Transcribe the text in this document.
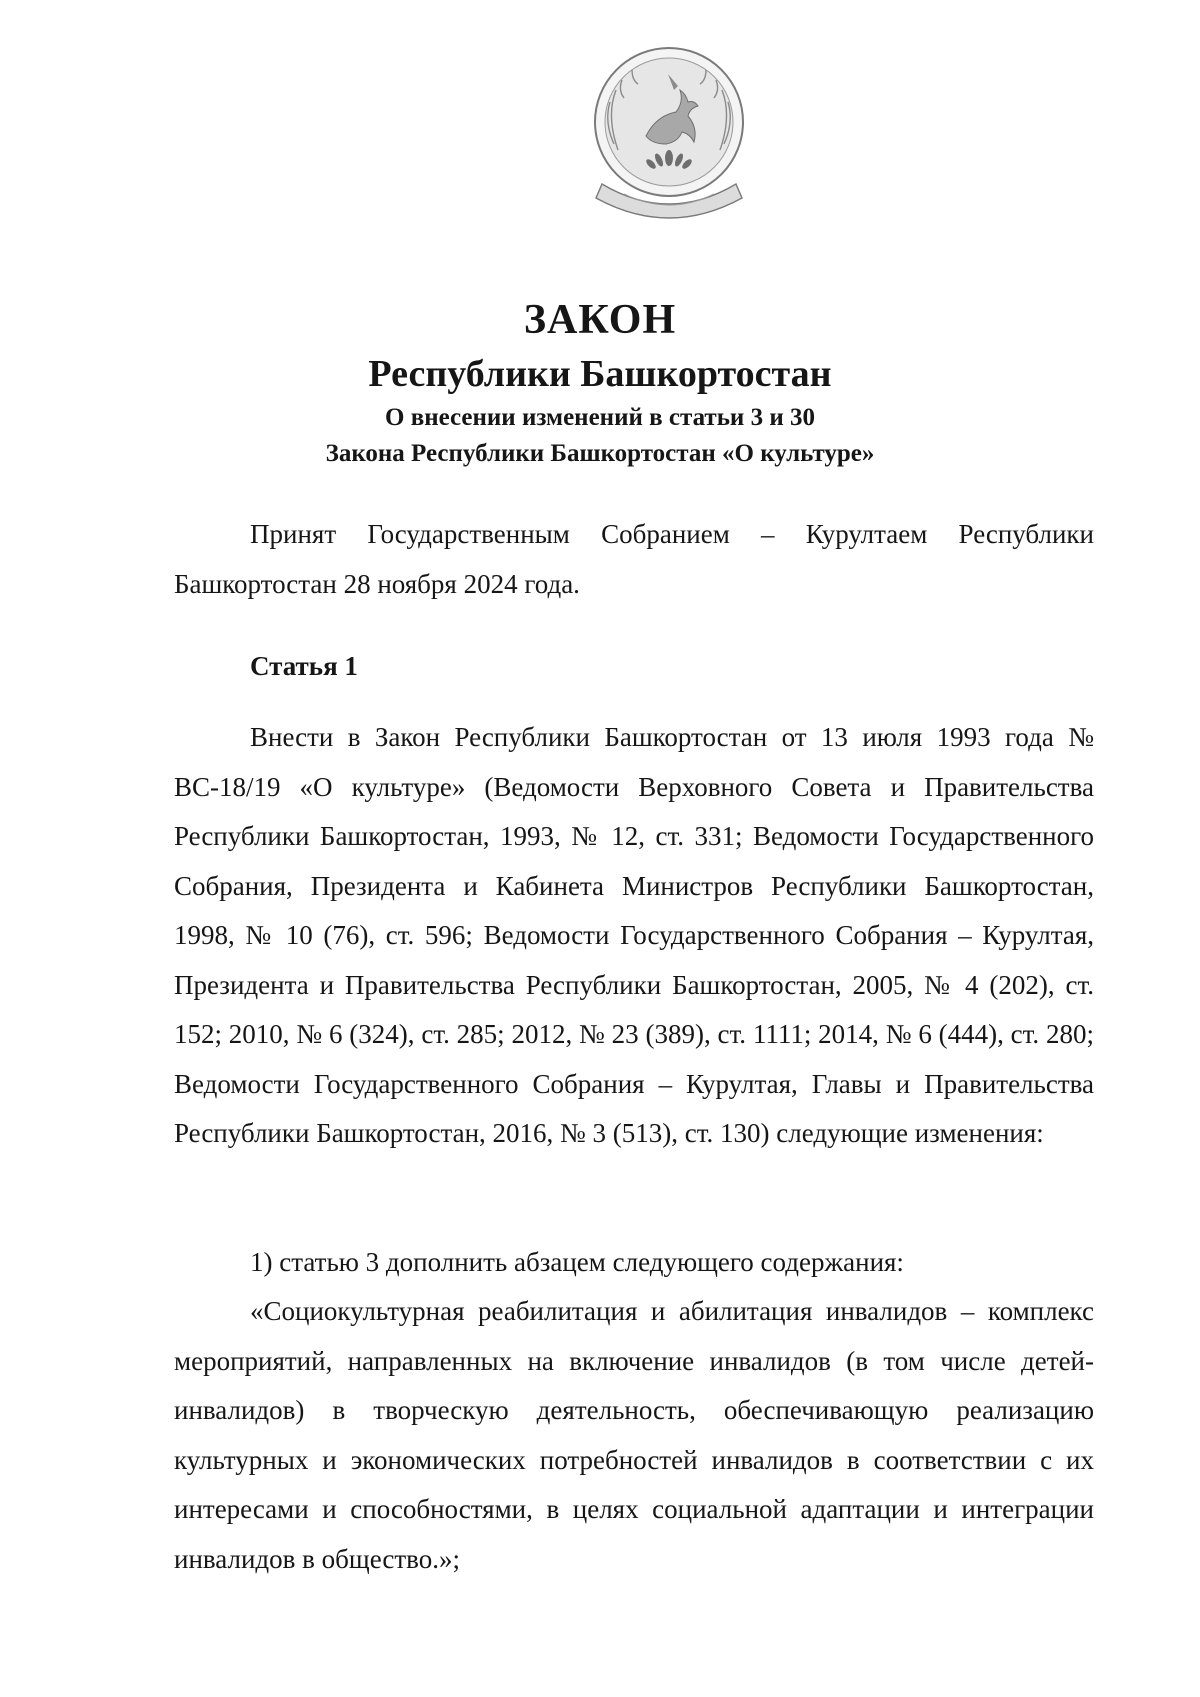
ЗАКОН
Республики Башкортостан
О внесении изменений в статьи 3 и 30
Закона Республики Башкортостан «О культуре»

Принят Государственным Собранием – Курултаем Республики Башкортостан 28 ноября 2024 года.

Статья 1

Внести в Закон Республики Башкортостан от 13 июля 1993 года № ВС-18/19 «О культуре» (Ведомости Верховного Совета и Правительства Республики Башкортостан, 1993, № 12, ст. 331; Ведомости Государственного Собрания, Президента и Кабинета Министров Республики Башкортостан, 1998, № 10 (76), ст. 596; Ведомости Государственного Собрания – Курултая, Президента и Правительства Республики Башкортостан, 2005, № 4 (202), ст. 152; 2010, № 6 (324), ст. 285; 2012, № 23 (389), ст. 1111; 2014, № 6 (444), ст. 280; Ведомости Государственного Собрания – Курултая, Главы и Правительства Республики Башкортостан, 2016, № 3 (513), ст. 130) следующие изменения:

1) статью 3 дополнить абзацем следующего содержания:

«Социокультурная реабилитация и абилитация инвалидов – комплекс мероприятий, направленных на включение инвалидов (в том числе детей-инвалидов) в творческую деятельность, обеспечивающую реализацию культурных и экономических потребностей инвалидов в соответствии с их интересами и способностями, в целях социальной адаптации и интеграции инвалидов в общество.»;
